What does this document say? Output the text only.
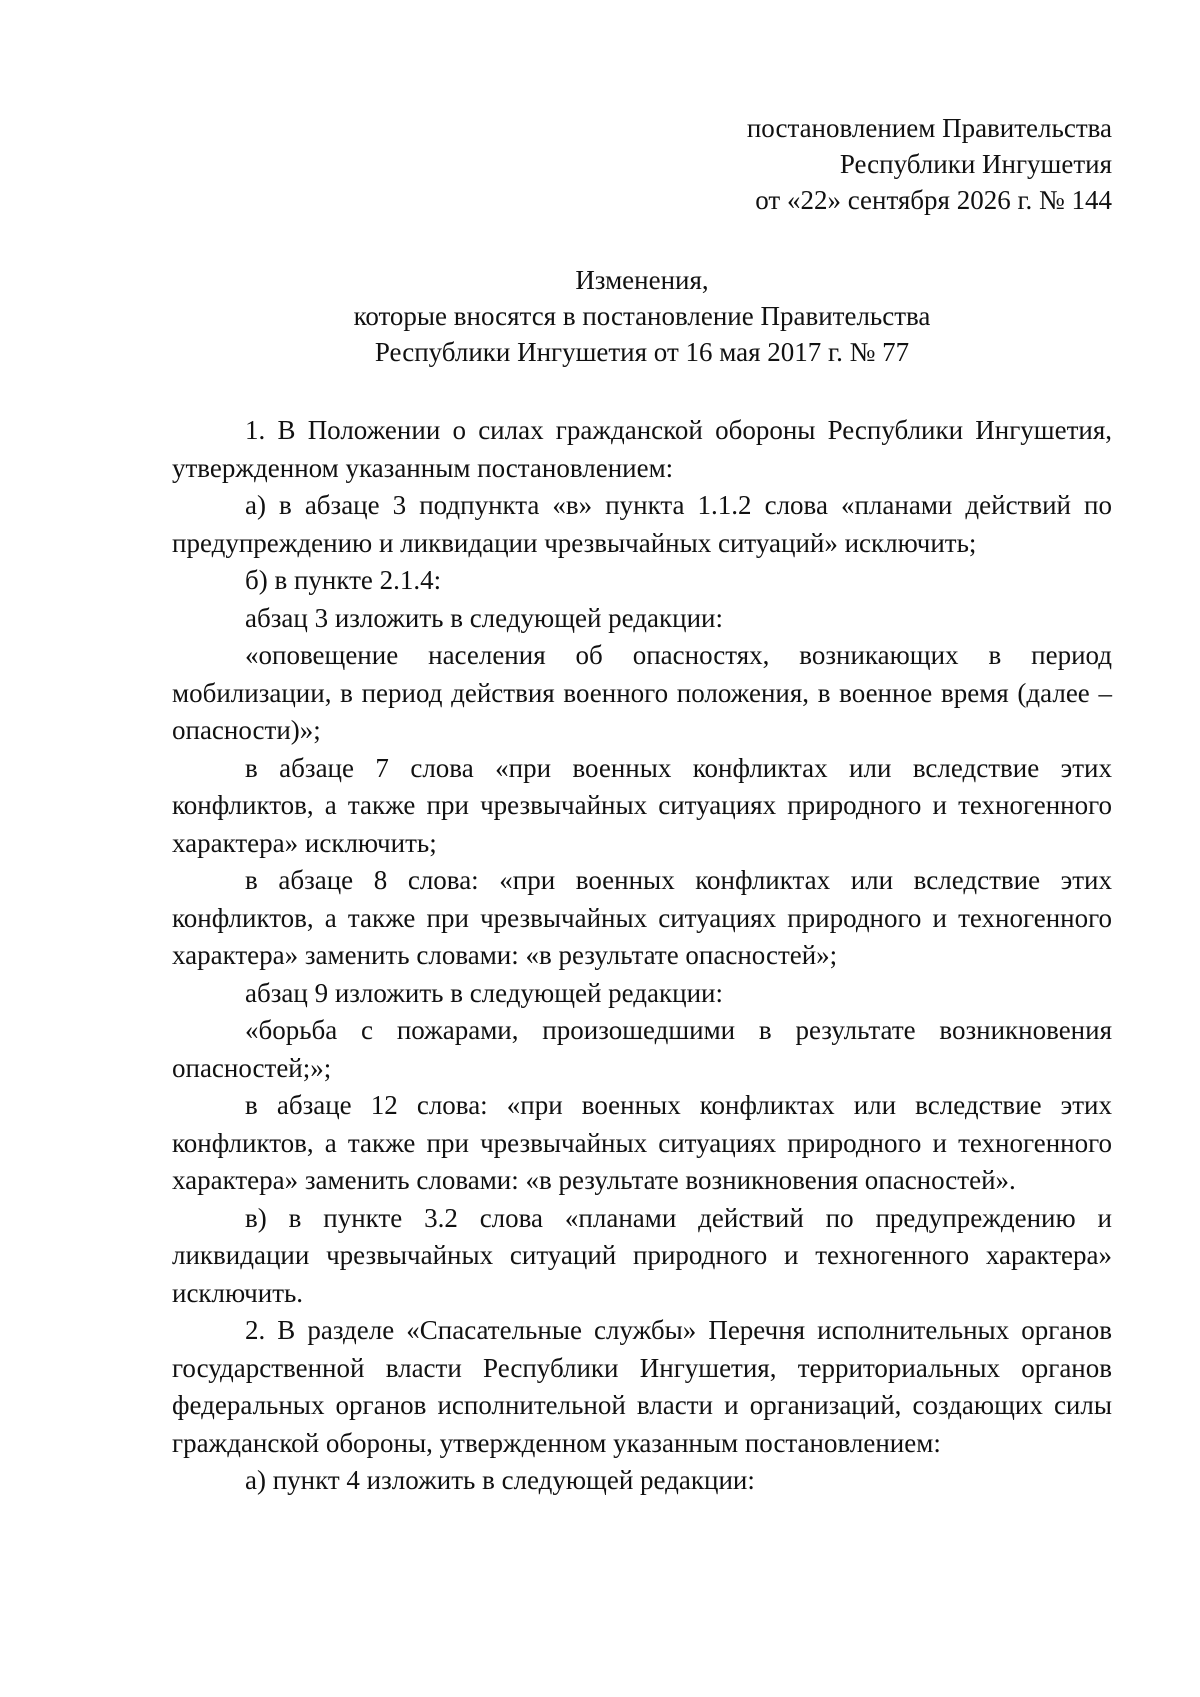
постановлением Правительства
Республики Ингушетия
от «22» сентября 2026 г. № 144
Изменения,
которые вносятся в постановление Правительства
Республики Ингушетия от 16 мая 2017 г. № 77

1. В Положении о силах гражданской обороны Республики Ингушетия, утвержденном указанным постановлением:

а) в абзаце 3 подпункта «в» пункта 1.1.2 слова «планами действий по предупреждению и ликвидации чрезвычайных ситуаций» исключить;

б) в пункте 2.1.4:

абзац 3 изложить в следующей редакции:

«оповещение населения об опасностях, возникающих в период мобилизации, в период действия военного положения, в военное время (далее – опасности)»;

в абзаце 7 слова «при военных конфликтах или вследствие этих конфликтов, а также при чрезвычайных ситуациях природного и техногенного характера» исключить;

в абзаце 8 слова: «при военных конфликтах или вследствие этих конфликтов, а также при чрезвычайных ситуациях природного и техногенного характера» заменить словами: «в результате опасностей»;

абзац 9 изложить в следующей редакции:

«борьба с пожарами, произошедшими в результате возникновения опасностей;»;

в абзаце 12 слова: «при военных конфликтах или вследствие этих конфликтов, а также при чрезвычайных ситуациях природного и техногенного характера» заменить словами: «в результате возникновения опасностей».

в) в пункте 3.2 слова «планами действий по предупреждению и ликвидации чрезвычайных ситуаций природного и техногенного характера» исключить.

2. В разделе «Спасательные службы» Перечня исполнительных органов государственной власти Республики Ингушетия, территориальных органов федеральных органов исполнительной власти и организаций, создающих силы гражданской обороны, утвержденном указанным постановлением:

а) пункт 4 изложить в следующей редакции:
